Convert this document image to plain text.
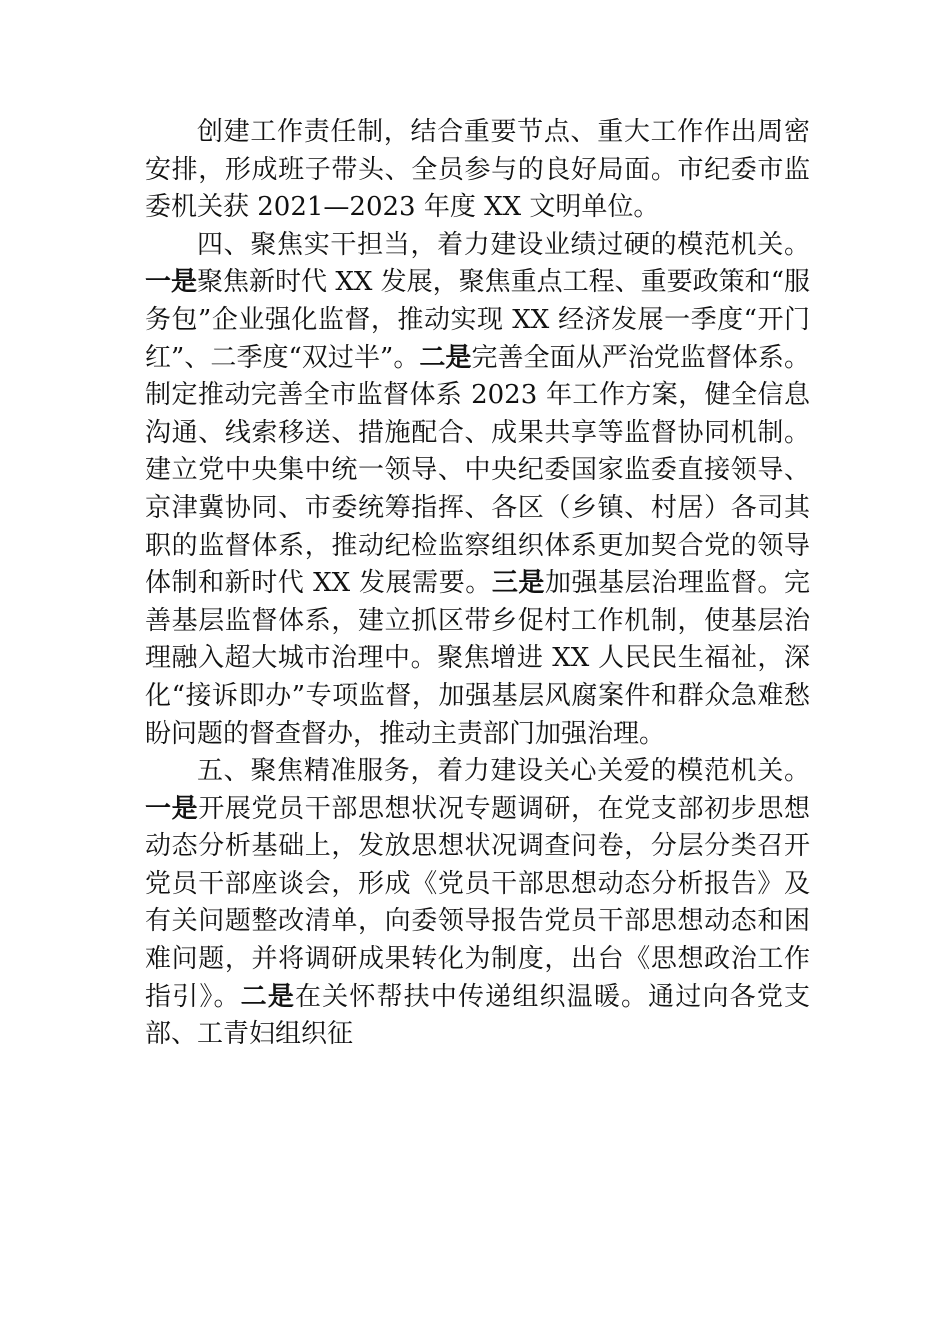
创建工作责任制，结合重要节点、重大工作作出周密安排，形成班子带头、全员参与的良好局面。市纪委市监委机关获 2021—2023 年度 XX 文明单位。

四、聚焦实干担当，着力建设业绩过硬的模范机关。一是聚焦新时代 XX 发展，聚焦重点工程、重要政策和“服务包”企业强化监督，推动实现 XX 经济发展一季度“开门红”、二季度“双过半”。二是完善全面从严治党监督体系。制定推动完善全市监督体系 2023 年工作方案，健全信息沟通、线索移送、措施配合、成果共享等监督协同机制。建立党中央集中统一领导、中央纪委国家监委直接领导、京津冀协同、市委统筹指挥、各区（乡镇、村居）各司其职的监督体系，推动纪检监察组织体系更加契合党的领导体制和新时代 XX 发展需要。三是加强基层治理监督。完善基层监督体系，建立抓区带乡促村工作机制，使基层治理融入超大城市治理中。聚焦增进 XX 人民民生福祉，深化“接诉即办”专项监督，加强基层风腐案件和群众急难愁盼问题的督查督办，推动主责部门加强治理。

五、聚焦精准服务，着力建设关心关爱的模范机关。一是开展党员干部思想状况专题调研，在党支部初步思想动态分析基础上，发放思想状况调查问卷，分层分类召开党员干部座谈会，形成《党员干部思想动态分析报告》及有关问题整改清单，向委领导报告党员干部思想动态和困难问题，并将调研成果转化为制度，出台《思想政治工作指引》。二是在关怀帮扶中传递组织温暖。通过向各党支部、工青妇组织征
